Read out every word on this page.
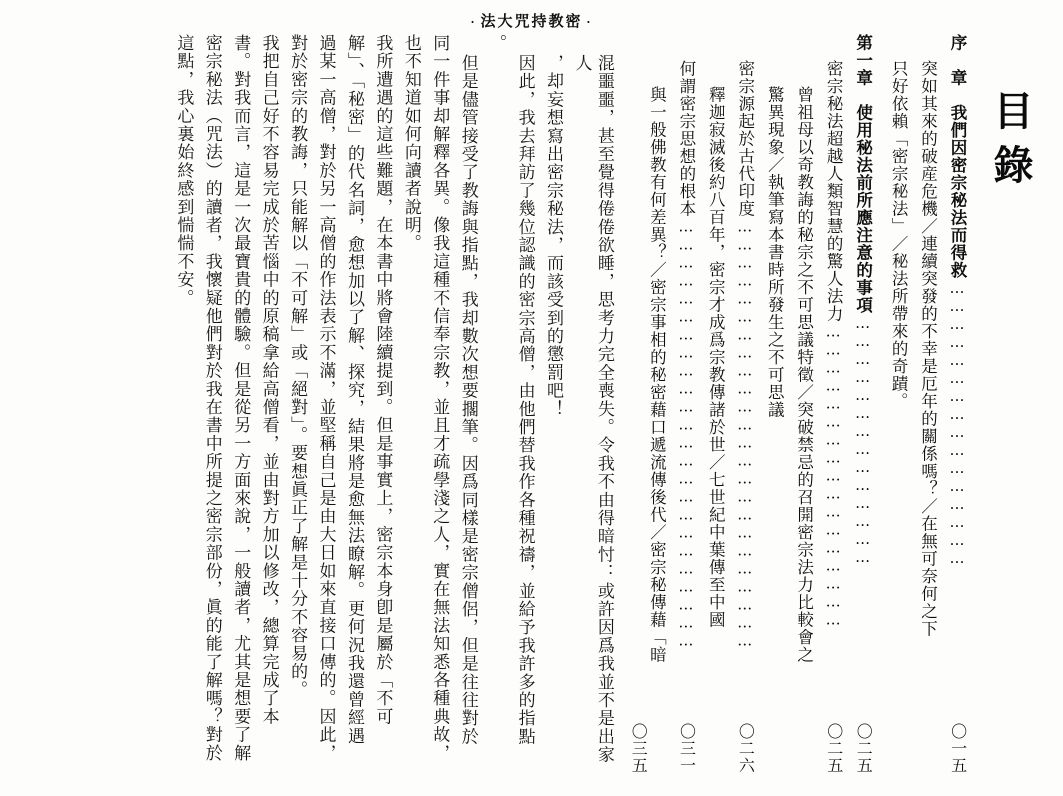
· 法大咒持教密 ·
目錄
序　章　我們因密宗秘法而得救…………………………………………
〇一五
突如其來的破産危機／連續突發的不幸是厄年的關係嗎？／在無可奈何之下
只好依賴「密宗秘法」／秘法所帶來的奇蹟。
第一章　使用秘法前所應注意的事項……………………………………
〇二五
密宗秘法超越人類智慧的驚人法力……………………………………………
〇二五
曾祖母以奇教誨的秘宗之不可思議特徵／突破禁忌的召開密宗法力比較會之
驚異現象／執筆寫本書時所發生之不可思議
密宗源起於古代印度………………………………………………………………
〇二六
釋迦寂滅後約八百年，密宗才成爲宗教傳諸於世／七世紀中葉傳至中國
何謂密宗思想的根本………………………………………………………………
〇三一
與一般佛教有何差異？／密宗事相的秘密藉口遞流傳後代／密宗秘傳藉「暗
〇三五
混噩噩，甚至覺得倦倦欲睡，思考力完全喪失。令我不由得暗忖：或許因爲我並不是出家人
，却妄想寫出密宗秘法，而該受到的懲罰吧！
因此，我去拜訪了幾位認識的密宗高僧，由他們替我作各種祝禱，並給予我許多的指點
。
但是儘管接受了教誨與指點，我却數次想要擱筆。因爲同樣是密宗僧侶，但是往往對於
同一件事却解釋各異。像我這種不信奉宗教，並且才疏學淺之人，實在無法知悉各種典故，
也不知道如何向讀者說明。
我所遭遇的這些難題，在本書中將會陸續提到。但是事實上，密宗本身卽是屬於「不可
解」、「秘密」的代名詞，愈想加以了解、探究，結果將是愈無法瞭解。更何況我還曾經遇
過某一高僧，對於另一高僧的作法表示不滿，並堅稱自己是由大日如來直接口傳的。因此，
對於密宗的教誨，只能解以「不可解」或「絕對」。要想眞正了解是十分不容易的。
我把自己好不容易完成於苦惱中的原稿拿給高僧看，並由對方加以修改，總算完成了本
書。對我而言，這是一次最寶貴的體驗。但是從另一方面來說，一般讀者，尤其是想要了解
密宗秘法（咒法）的讀者，我懷疑他們對於我在書中所提之密宗部份，眞的能了解嗎？對於
這點，我心裏始終感到惴惴不安。
